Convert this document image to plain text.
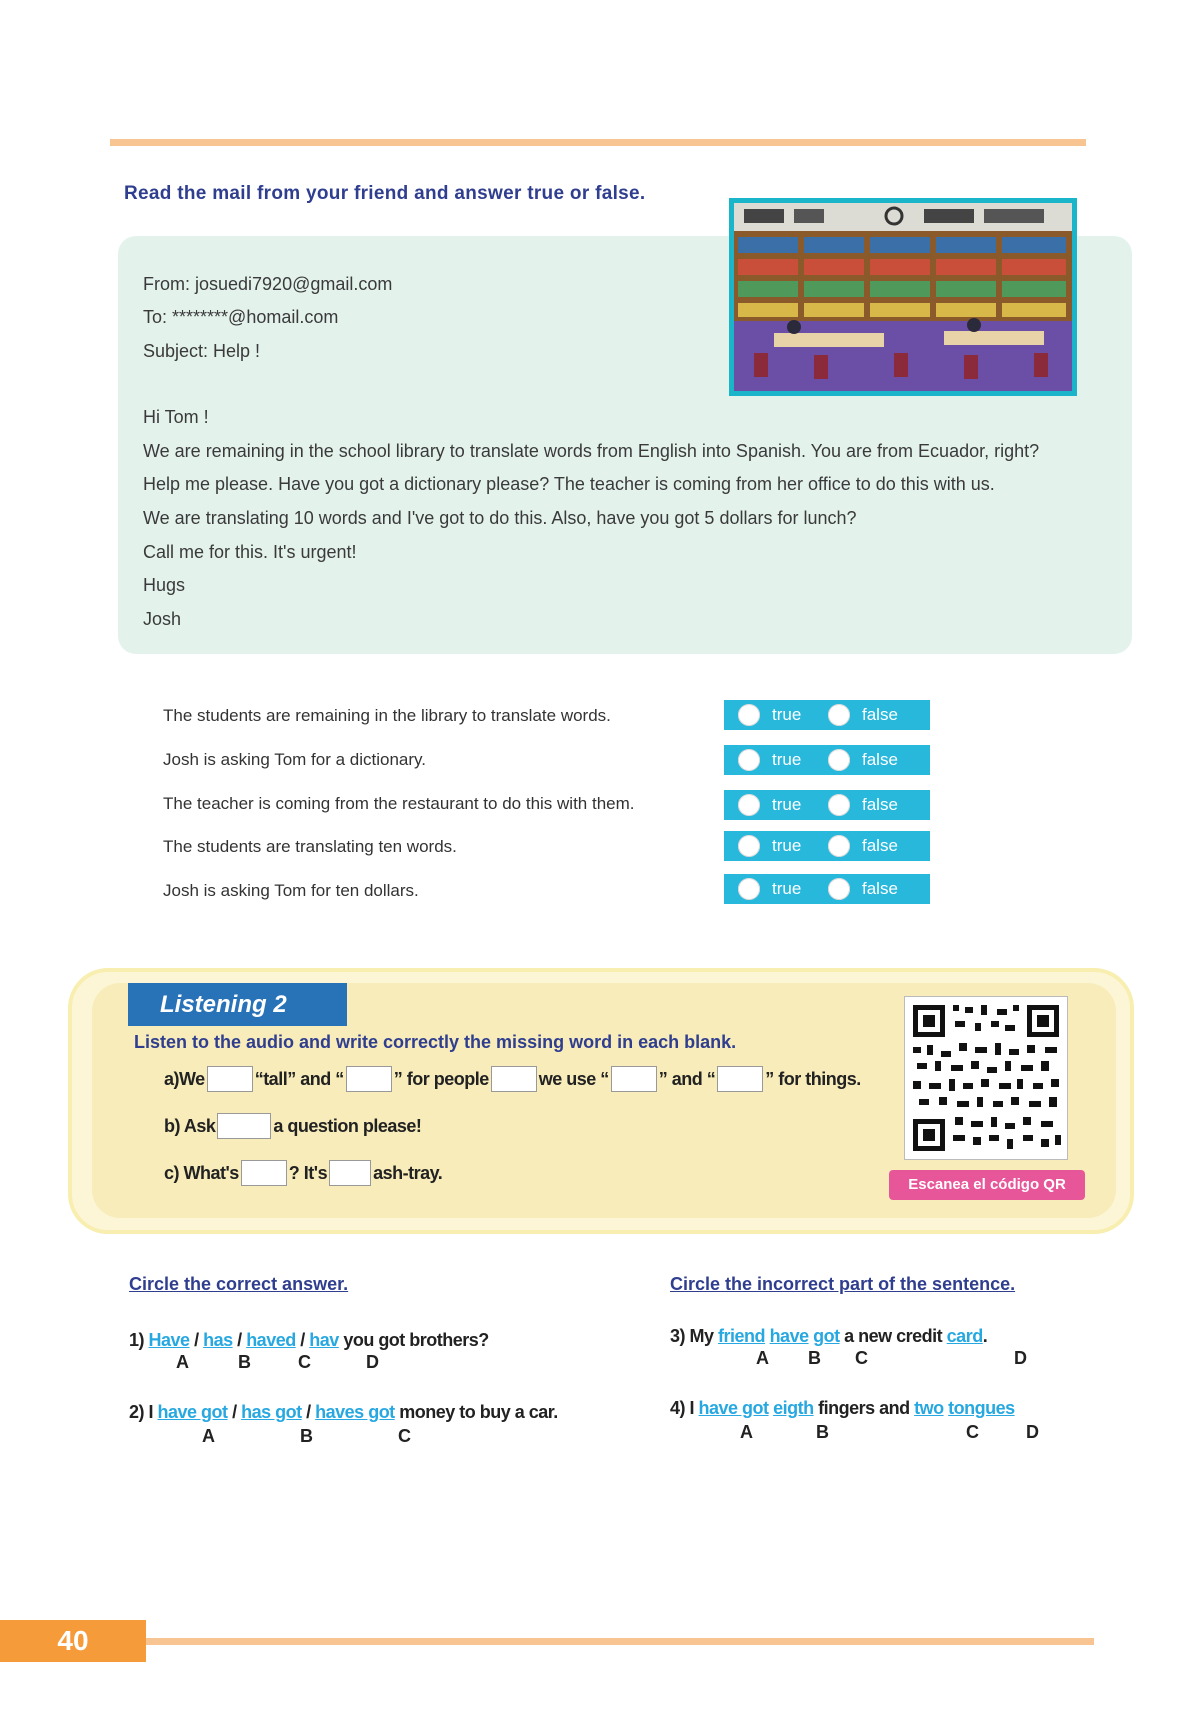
Read the mail from your friend and answer true or false.
From: josuedi7920@gmail.com
To: ********@homail.com
Subject: Help !
Hi Tom !
We are remaining in the school library to translate words from English into Spanish. You are from Ecuador, right?
Help me please. Have you got a dictionary please? The teacher is coming from her office to do this with us.
We are translating 10 words and I've got to do this. Also, have you got 5 dollars for lunch?
Call me for this. It's urgent!
Hugs
Josh
The students are remaining in the library to translate words.
Josh is asking Tom for a dictionary.
The teacher is coming from the restaurant to do this with them.
The students are translating ten words.
Josh is asking Tom for ten dollars.
true	false
true	false
true	false
true	false
true	false
Listening 2
Listen to the audio and write correctly the missing word in each blank.
a)We	“tall” and “	” for people	we use “	” and “	” for things.
b) Ask	a question please!
c) What's	? It's	ash-tray.
Escanea el código QR
Circle the correct answer.
1) Have / has / haved / hav you got brothers?
A	B	C	D
2) I have got / has got / haves got money to buy a car.
A	B	C
Circle the incorrect part of the sentence.
3) My friend have got a new credit card.
A B C	D
4) I have got eigth fingers and two tongues
A	B	C	D
40
